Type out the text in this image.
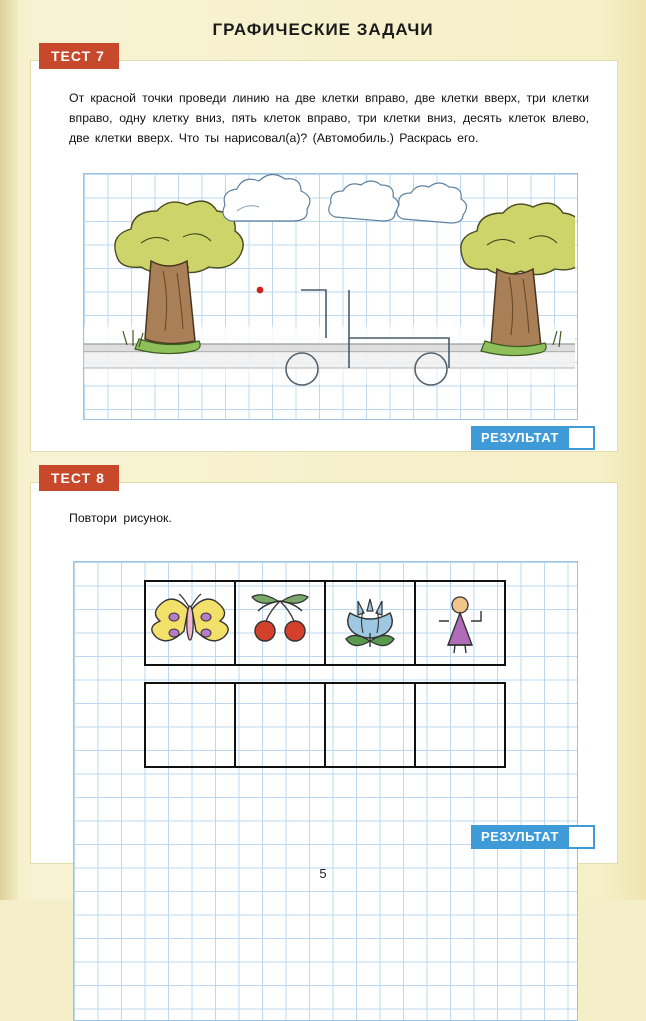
ГРАФИЧЕСКИЕ ЗАДАЧИ
ТЕСТ 7
От красной точки проведи линию на две клетки вправо, две клетки вверх, три клетки вправо, одну клетку вниз, пять клеток вправо, три клетки вниз, десять клеток влево, две клетки вверх. Что ты нарисовал(а)? (Автомобиль.) Раскрась его.
РЕЗУЛЬТАТ
ТЕСТ 8
Повтори рисунок.
РЕЗУЛЬТАТ
5
